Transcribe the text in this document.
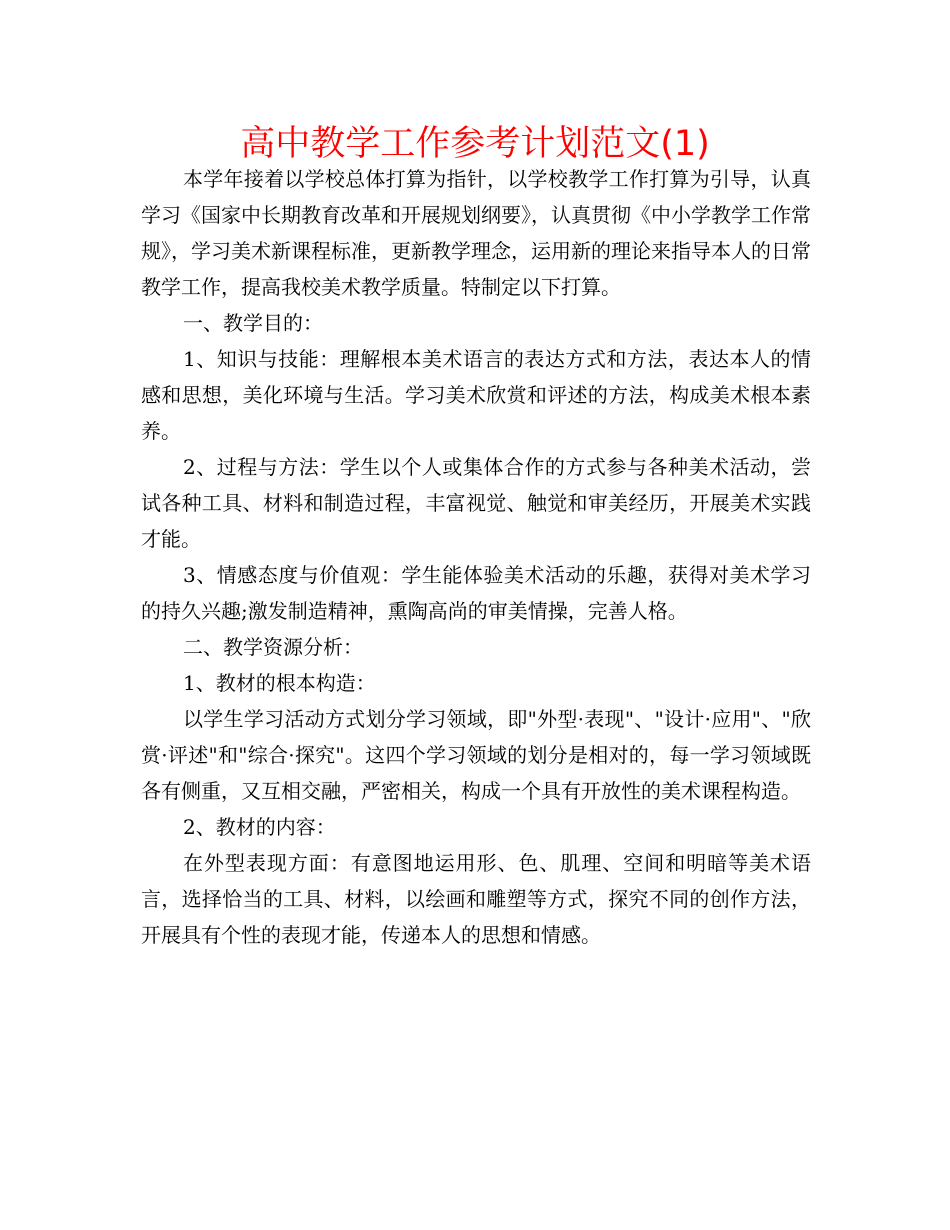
高中教学工作参考计划范文(1)

本学年接着以学校总体打算为指针，以学校教学工作打算为引导，认真学习《国家中长期教育改革和开展规划纲要》，认真贯彻《中小学教学工作常规》，学习美术新课程标准，更新教学理念，运用新的理论来指导本人的日常教学工作，提高我校美术教学质量。特制定以下打算。

一、教学目的：

1、知识与技能：理解根本美术语言的表达方式和方法，表达本人的情感和思想，美化环境与生活。学习美术欣赏和评述的方法，构成美术根本素养。

2、过程与方法：学生以个人或集体合作的方式参与各种美术活动，尝试各种工具、材料和制造过程，丰富视觉、触觉和审美经历，开展美术实践才能。

3、情感态度与价值观：学生能体验美术活动的乐趣，获得对美术学习的持久兴趣;激发制造精神，熏陶高尚的审美情操，完善人格。

二、教学资源分析：

1、教材的根本构造：

以学生学习活动方式划分学习领域，即"外型·表现"、"设计·应用"、"欣赏·评述"和"综合·探究"。这四个学习领域的划分是相对的，每一学习领域既各有侧重，又互相交融，严密相关，构成一个具有开放性的美术课程构造。

2、教材的内容：

在外型表现方面：有意图地运用形、色、肌理、空间和明暗等美术语言，选择恰当的工具、材料，以绘画和雕塑等方式，探究不同的创作方法，开展具有个性的表现才能，传递本人的思想和情感。
